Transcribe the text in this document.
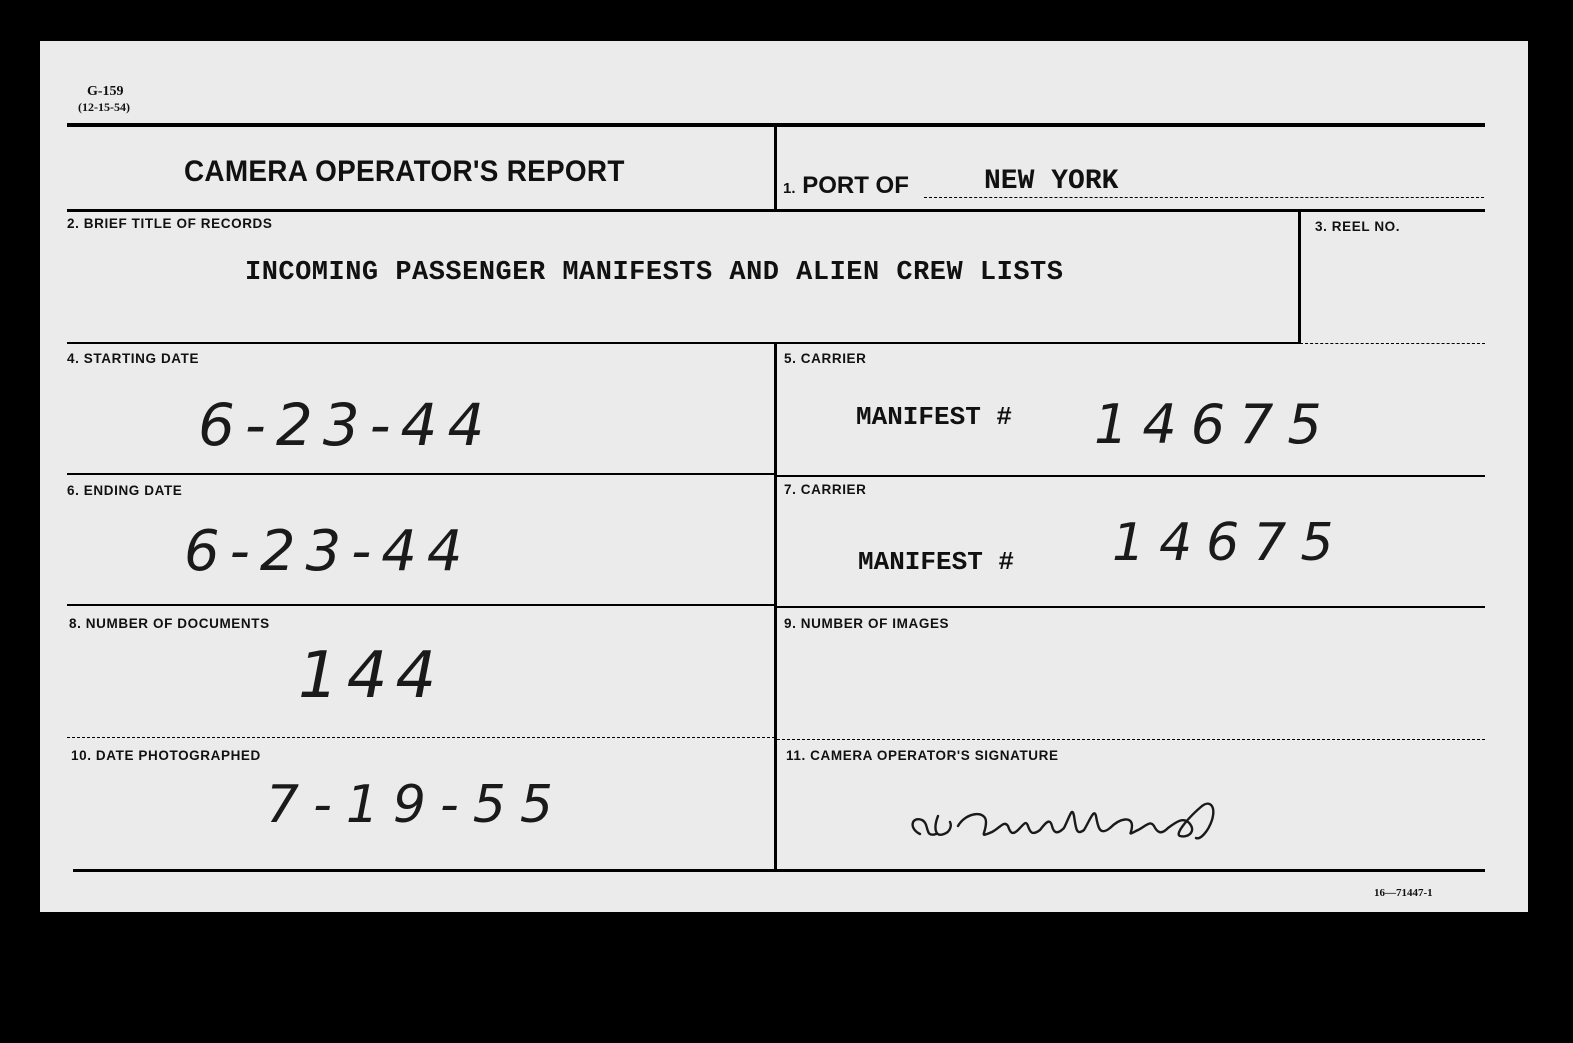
G-159
(12-15-54)
CAMERA OPERATOR'S REPORT
1. PORT OF	NEW YORK
2. BRIEF TITLE OF RECORDS
INCOMING PASSENGER MANIFESTS AND ALIEN CREW LISTS
3. REEL NO.
4. STARTING DATE
6-23-44
5. CARRIER
MANIFEST # 14675
6. ENDING DATE
6-23-44
7. CARRIER
MANIFEST # 14675
8. NUMBER OF DOCUMENTS
144
9. NUMBER OF IMAGES
10. DATE PHOTOGRAPHED
7-19-55
11. CAMERA OPERATOR'S SIGNATURE
16—71447-1
